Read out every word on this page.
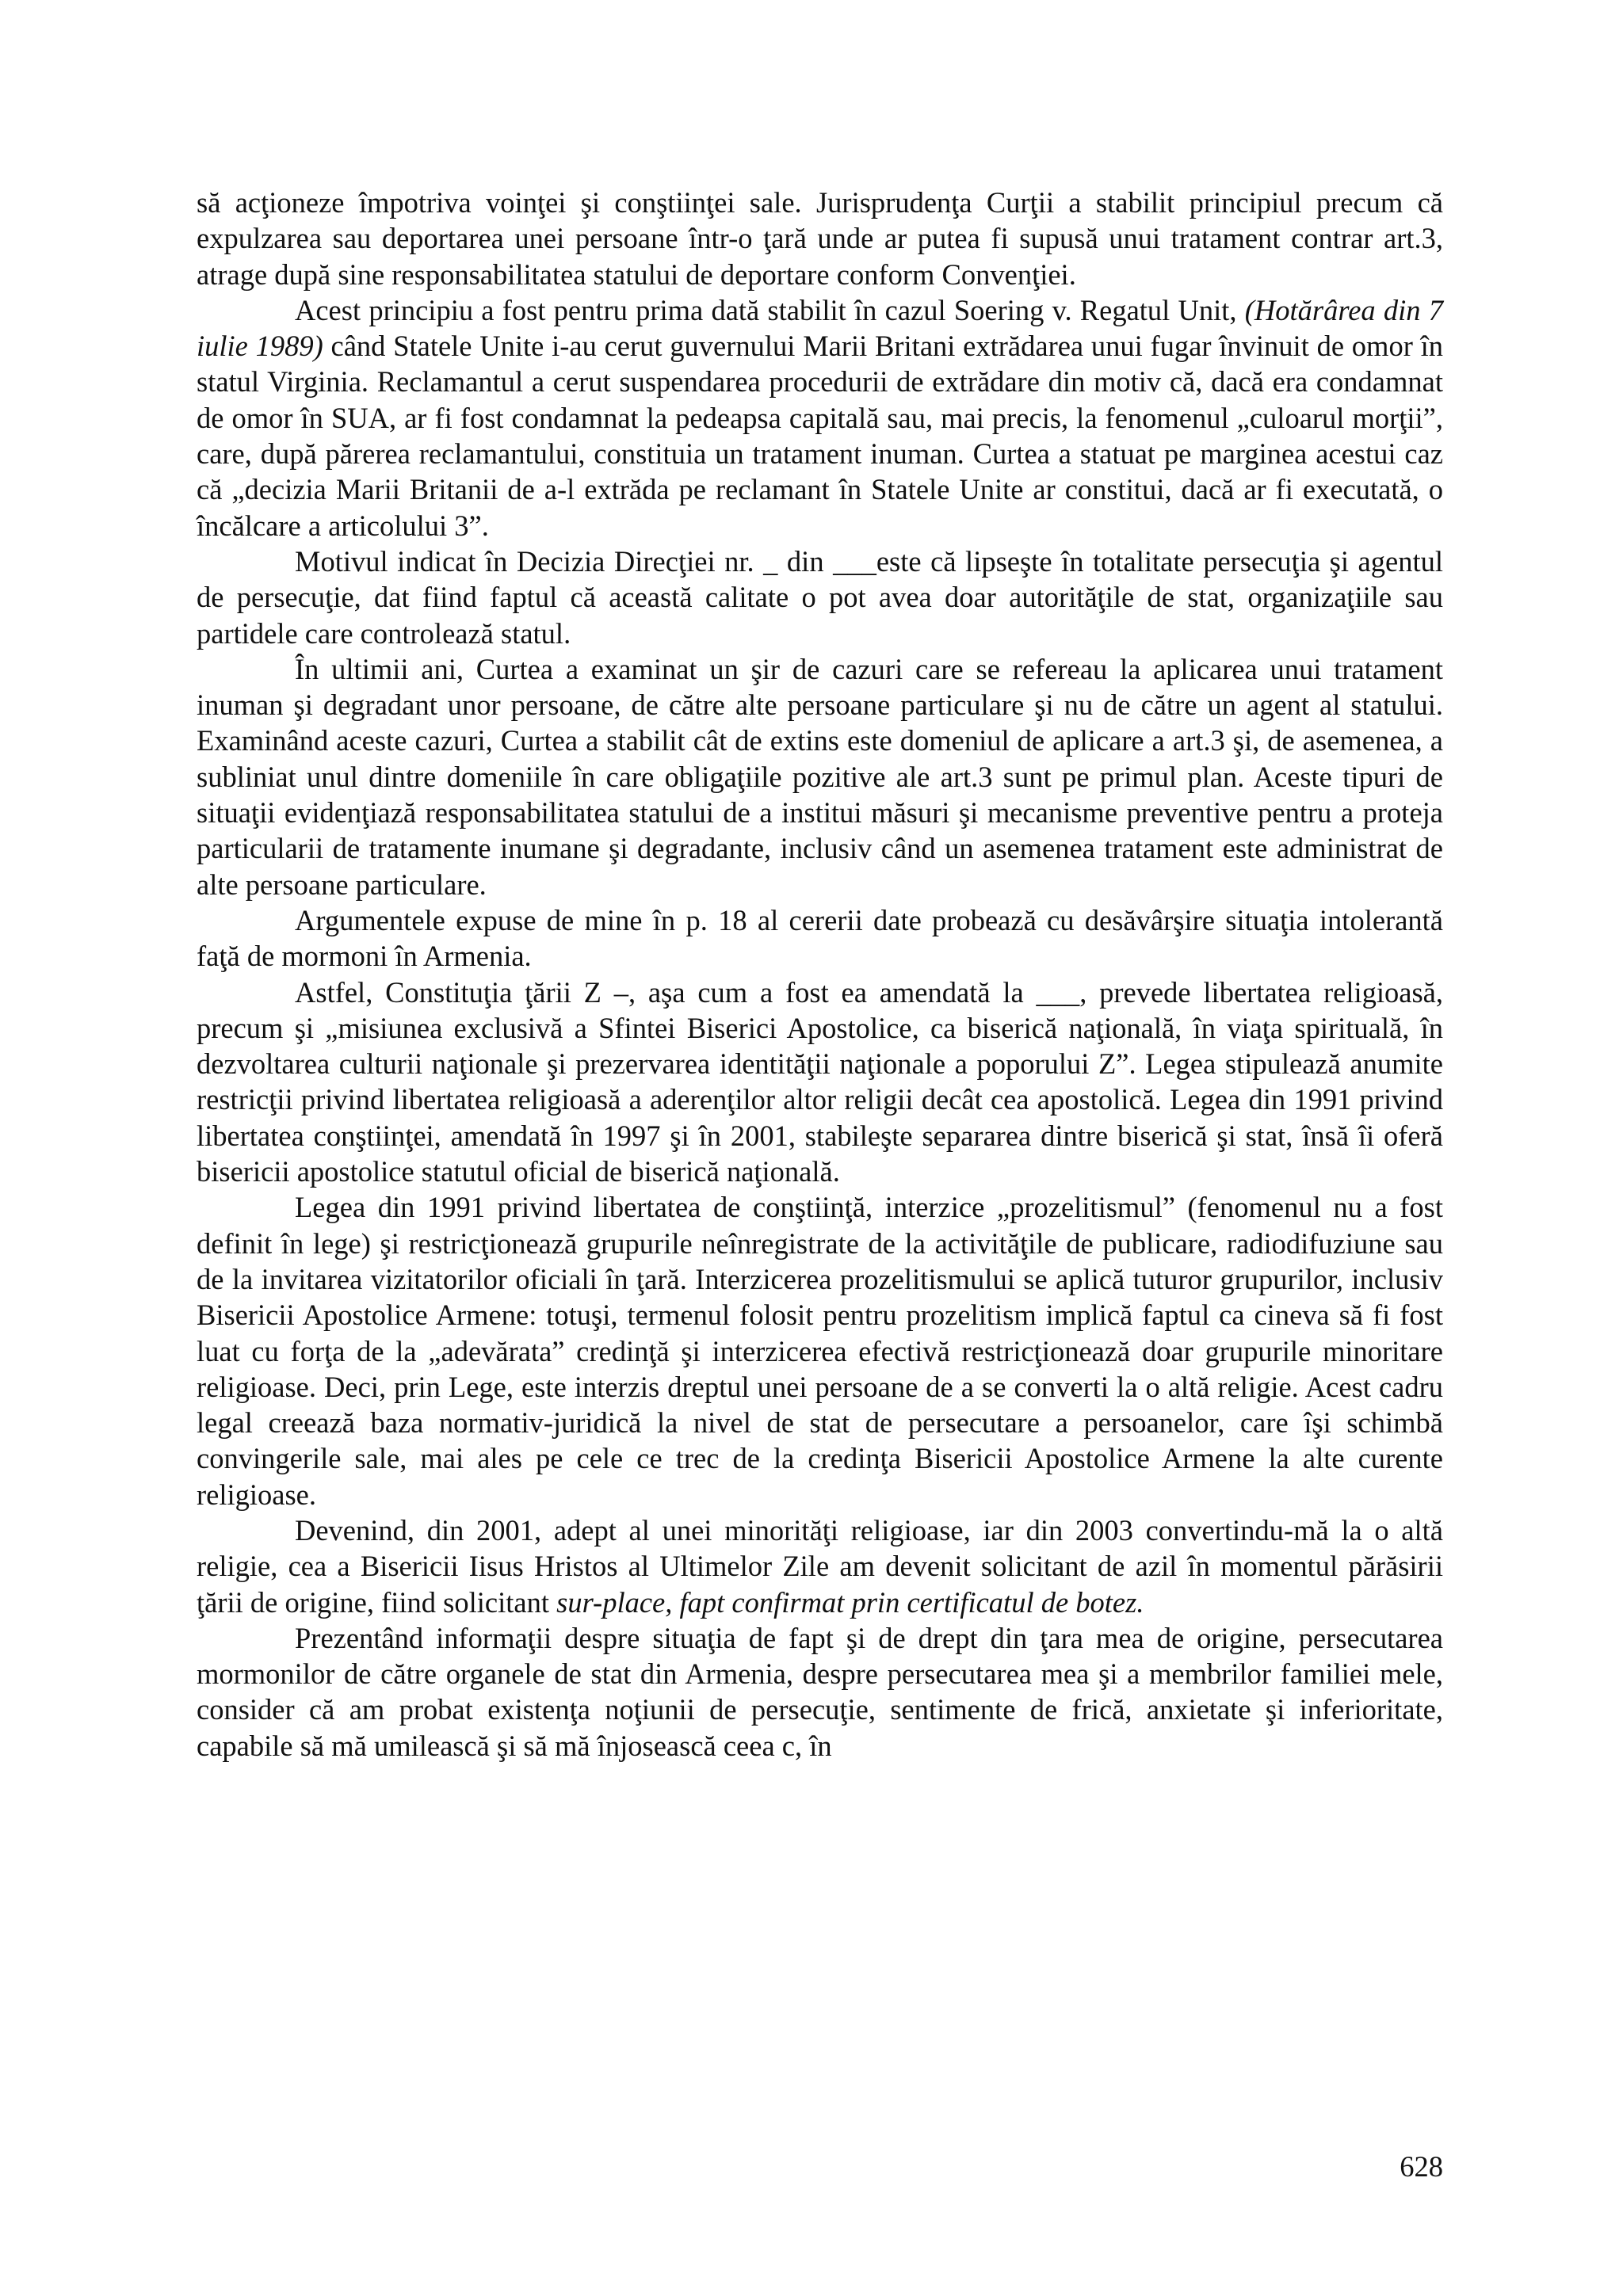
să acţioneze împotriva voinţei şi conştiinţei sale. Jurisprudenţa Curţii a stabilit principiul precum că expulzarea sau deportarea unei persoane într-o ţară unde ar putea fi supusă unui tratament contrar art.3, atrage după sine responsabilitatea statului de deportare conform Convenţiei.

Acest principiu a fost pentru prima dată stabilit în cazul Soering v. Regatul Unit, (Hotărârea din 7 iulie 1989) când Statele Unite i-au cerut guvernului Marii Britani extrădarea unui fugar învinuit de omor în statul Virginia. Reclamantul a cerut suspendarea procedurii de extrădare din motiv că, dacă era condamnat de omor în SUA, ar fi fost condamnat la pedeapsa capitală sau, mai precis, la fenomenul „culoarul morţii”, care, după părerea reclamantului, constituia un tratament inuman. Curtea a statuat pe marginea acestui caz că „decizia Marii Britanii de a-l extrăda pe reclamant în Statele Unite ar constitui, dacă ar fi executată, o încălcare a articolului 3”.

Motivul indicat în Decizia Direcţiei nr. _ din ___este că lipseşte în totalitate persecuţia şi agentul de persecuţie, dat fiind faptul că această calitate o pot avea doar autorităţile de stat, organizaţiile sau partidele care controlează statul.

În ultimii ani, Curtea a examinat un şir de cazuri care se refereau la aplicarea unui tratament inuman şi degradant unor persoane, de către alte persoane particulare şi nu de către un agent al statului. Examinând aceste cazuri, Curtea a stabilit cât de extins este domeniul de aplicare a art.3 şi, de asemenea, a subliniat unul dintre domeniile în care obligaţiile pozitive ale art.3 sunt pe primul plan. Aceste tipuri de situaţii evidenţiază responsabilitatea statului de a institui măsuri şi mecanisme preventive pentru a proteja particularii de tratamente inumane şi degradante, inclusiv când un asemenea tratament este administrat de alte persoane particulare.

Argumentele expuse de mine în p. 18 al cererii date probează cu desăvârşire situaţia intolerantă faţă de mormoni în Armenia.

Astfel, Constituţia ţării Z –, aşa cum a fost ea amendată la ___, prevede libertatea religioasă, precum şi „misiunea exclusivă a Sfintei Biserici Apostolice, ca biserică naţională, în viaţa spirituală, în dezvoltarea culturii naţionale şi prezervarea identităţii naţionale a poporului Z”. Legea stipulează anumite restricţii privind libertatea religioasă a aderenţilor altor religii decât cea apostolică. Legea din 1991 privind libertatea conştiinţei, amendată în 1997 şi în 2001, stabileşte separarea dintre biserică şi stat, însă îi oferă bisericii apostolice statutul oficial de biserică naţională.

Legea din 1991 privind libertatea de conştiinţă, interzice „prozelitismul” (fenomenul nu a fost definit în lege) şi restricţionează grupurile neînregistrate de la activităţile de publicare, radiodifuziune sau de la invitarea vizitatorilor oficiali în ţară. Interzicerea prozelitismului se aplică tuturor grupurilor, inclusiv Bisericii Apostolice Armene: totuşi, termenul folosit pentru prozelitism implică faptul ca cineva să fi fost luat cu forţa de la „adevărata” credinţă şi interzicerea efectivă restricţionează doar grupurile minoritare religioase. Deci, prin Lege, este interzis dreptul unei persoane de a se converti la o altă religie. Acest cadru legal creează baza normativ-juridică la nivel de stat de persecutare a persoanelor, care îşi schimbă convingerile sale, mai ales pe cele ce trec de la credinţa Bisericii Apostolice Armene la alte curente religioase.

Devenind, din 2001, adept al unei minorităţi religioase, iar din 2003 convertindu-mă la o altă religie, cea a Bisericii Iisus Hristos al Ultimelor Zile am devenit solicitant de azil în momentul părăsirii ţării de origine, fiind solicitant sur-place, fapt confirmat prin certificatul de botez.

Prezentând informaţii despre situaţia de fapt şi de drept din ţara mea de origine, persecutarea mormonilor de către organele de stat din Armenia, despre persecutarea mea şi a membrilor familiei mele, consider că am probat existenţa noţiunii de persecuţie, sentimente de frică, anxietate şi inferioritate, capabile să mă umilească şi să mă înjosească ceea c, în

628
